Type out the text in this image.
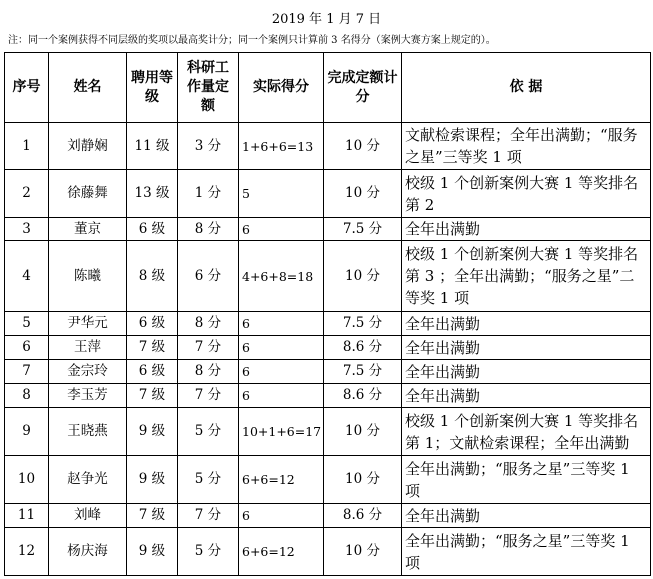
2019 年 1 月 7 日
注：同一个案例获得不同层级的奖项以最高奖计分；同一个案例只计算前 3 名得分（案例大赛方案上规定的）。
序号	姓名	聘用等级	科研工作量定额	实际得分	完成定额计分	依 据
1	刘静娴	11 级	3 分	1+6+6=13	10 分	文献检索课程；全年出满勤；“服务之星”三等奖 1 项
2	徐藤舞	13 级	1 分	5	10 分	校级 1 个创新案例大赛 1 等奖排名第 2
3	董京	6 级	8 分	6	7.5 分	全年出满勤
4	陈曦	8 级	6 分	4+6+8=18	10 分	校级 1 个创新案例大赛 1 等奖排名第 3 ；全年出满勤；“服务之星”二等奖 1 项
5	尹华元	6 级	8 分	6	7.5 分	全年出满勤
6	王萍	7 级	7 分	6	8.6 分	全年出满勤
7	金宗玲	6 级	8 分	6	7.5 分	全年出满勤
8	李玉芳	7 级	7 分	6	8.6 分	全年出满勤
9	王晓燕	9 级	5 分	10+1+6=17	10 分	校级 1 个创新案例大赛 1 等奖排名第 1；文献检索课程；全年出满勤
10	赵争光	9 级	5 分	6+6=12	10 分	全年出满勤；“服务之星”三等奖 1 项
11	刘峰	7 级	7 分	6	8.6 分	全年出满勤
12	杨庆海	9 级	5 分	6+6=12	10 分	全年出满勤；“服务之星”三等奖 1 项
